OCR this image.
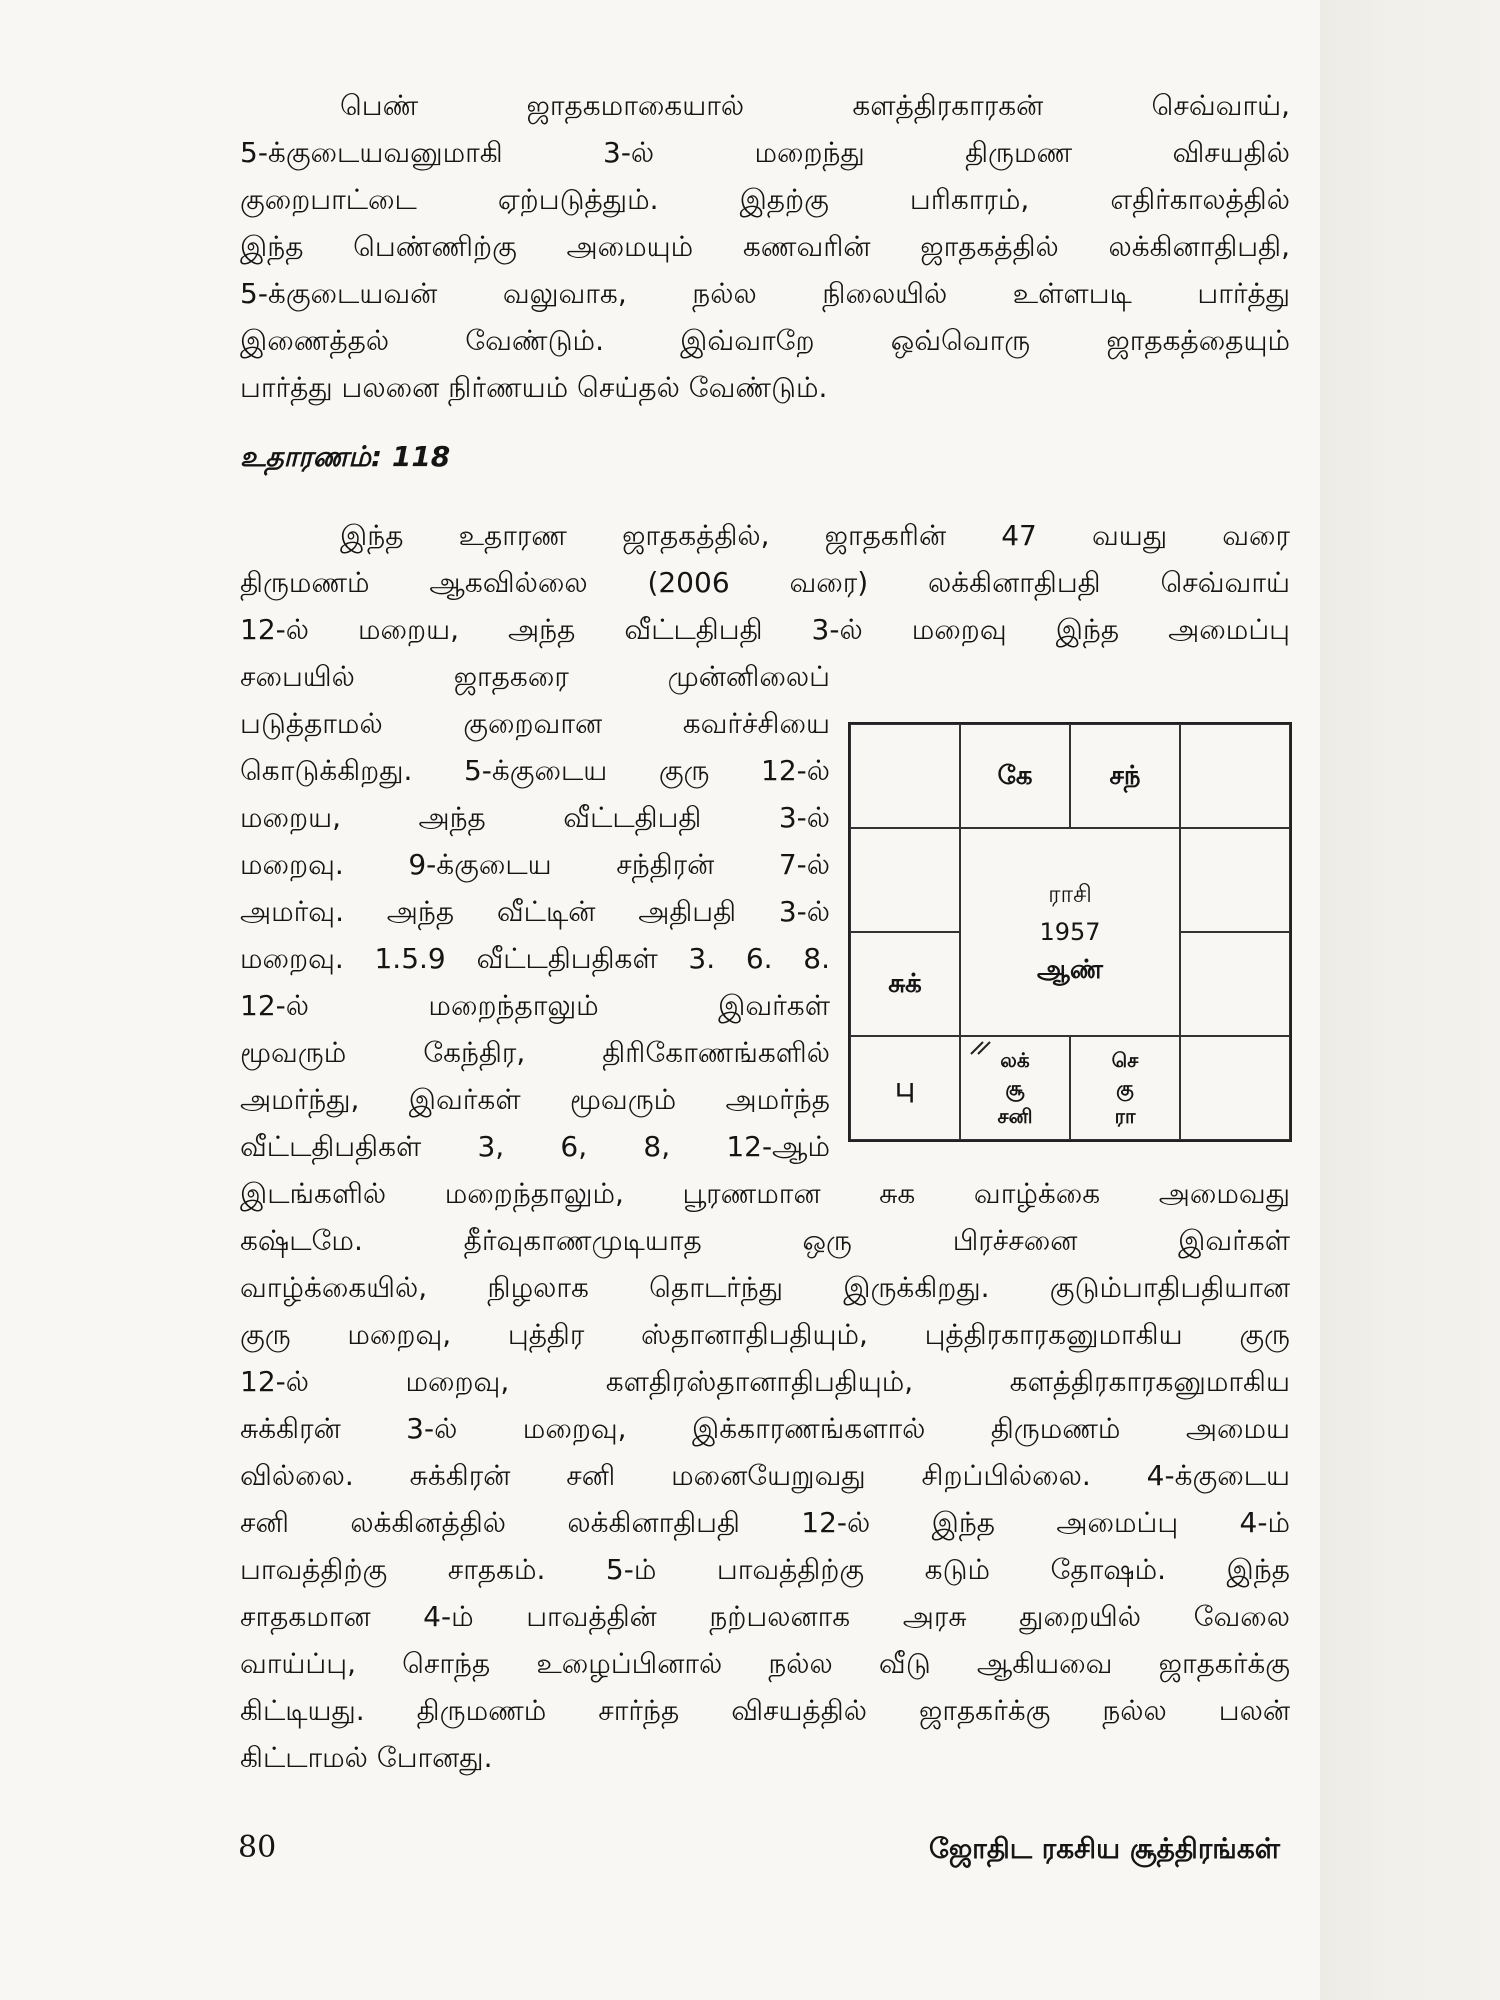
பெண் ஜாதகமாகையால் களத்திரகாரகன் செவ்வாய்,
5-க்குடையவனுமாகி 3-ல் மறைந்து திருமண விசயதில்
குறைபாட்டை ஏற்படுத்தும். இதற்கு பரிகாரம், எதிர்காலத்தில்
இந்த பெண்ணிற்கு அமையும் கணவரின் ஜாதகத்தில் லக்கினாதிபதி,
5-க்குடையவன் வலுவாக, நல்ல நிலையில் உள்ளபடி பார்த்து
இணைத்தல் வேண்டும். இவ்வாறே ஒவ்வொரு ஜாதகத்தையும்
பார்த்து பலனை நிர்ணயம் செய்தல் வேண்டும்.
உதாரணம்: 118
இந்த உதாரண ஜாதகத்தில், ஜாதகரின் 47 வயது வரை
திருமணம் ஆகவில்லை (2006 வரை) லக்கினாதிபதி செவ்வாய்
12-ல் மறைய, அந்த வீட்டதிபதி 3-ல் மறைவு இந்த அமைப்பு
சபையில் ஜாதகரை முன்னிலைப்
படுத்தாமல் குறைவான கவர்ச்சியை
கொடுக்கிறது. 5-க்குடைய குரு 12-ல்
மறைய, அந்த வீட்டதிபதி 3-ல்
மறைவு. 9-க்குடைய சந்திரன் 7-ல்
அமர்வு. அந்த வீட்டின் அதிபதி 3-ல்
மறைவு. 1.5.9 வீட்டதிபதிகள் 3. 6. 8.
12-ல் மறைந்தாலும் இவர்கள்
மூவரும் கேந்திர, திரிகோணங்களில்
அமர்ந்து, இவர்கள் மூவரும் அமர்ந்த
வீட்டதிபதிகள் 3, 6, 8, 12-ஆம்
கே	சந்
ராசி
1957
ஆண்
சுக்
பு
லக்
சூ
சனி
செ
கு
ரா
இடங்களில் மறைந்தாலும், பூரணமான சுக வாழ்க்கை அமைவது
கஷ்டமே. தீர்வுகாணமுடியாத ஒரு பிரச்சனை இவர்கள்
வாழ்க்கையில், நிழலாக தொடர்ந்து இருக்கிறது. குடும்பாதிபதியான
குரு மறைவு, புத்திர ஸ்தானாதிபதியும், புத்திரகாரகனுமாகிய குரு
12-ல் மறைவு, களதிரஸ்தானாதிபதியும், களத்திரகாரகனுமாகிய
சுக்கிரன் 3-ல் மறைவு, இக்காரணங்களால் திருமணம் அமைய
வில்லை. சுக்கிரன் சனி மனையேறுவது சிறப்பில்லை. 4-க்குடைய
சனி லக்கினத்தில் லக்கினாதிபதி 12-ல் இந்த அமைப்பு 4-ம்
பாவத்திற்கு சாதகம். 5-ம் பாவத்திற்கு கடும் தோஷம். இந்த
சாதகமான 4-ம் பாவத்தின் நற்பலனாக அரசு துறையில் வேலை
வாய்ப்பு, சொந்த உழைப்பினால் நல்ல வீடு ஆகியவை ஜாதகர்க்கு
கிட்டியது. திருமணம் சார்ந்த விசயத்தில் ஜாதகர்க்கு நல்ல பலன்
கிட்டாமல் போனது.
80	ஜோதிட ரகசிய சூத்திரங்கள்
